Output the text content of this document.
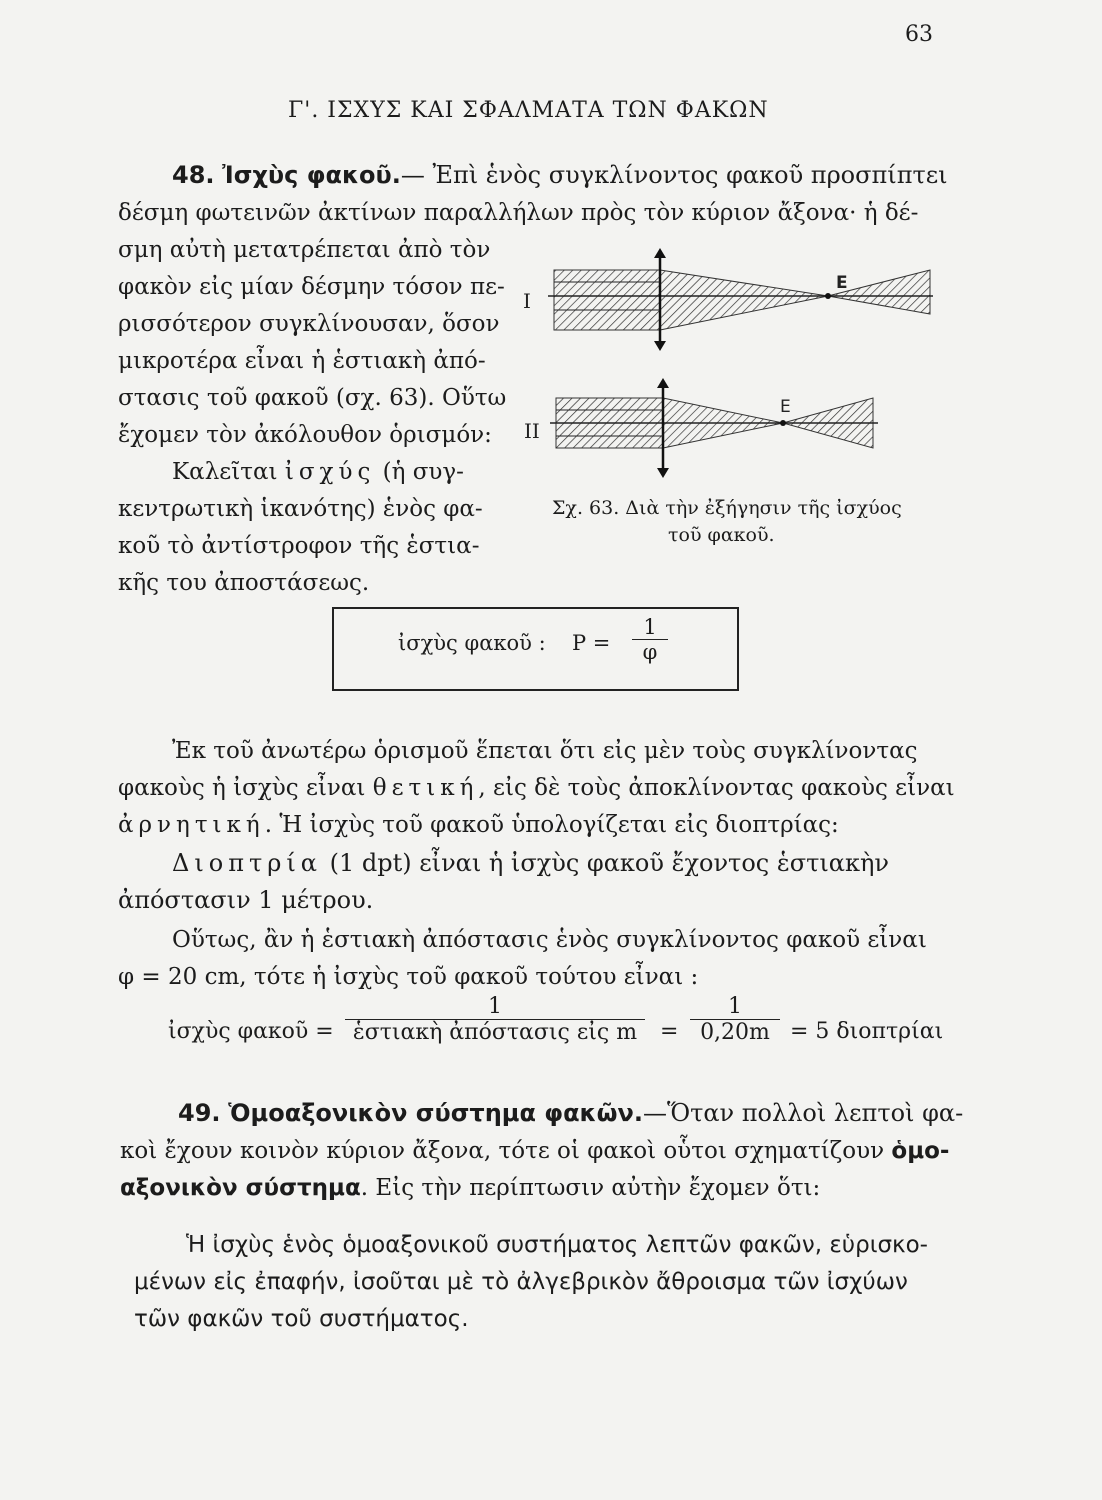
63
Γ'. ΙΣΧΥΣ ΚΑΙ ΣΦΑΛΜΑΤΑ ΤΩΝ ΦΑΚΩΝ
48. Ἰσχὺς φακοῦ.— Ἐπὶ ἑνὸς συγκλίνοντος φακοῦ προσπίπτει
δέσμη φωτεινῶν ἀκτίνων παραλλήλων πρὸς τὸν κύριον ἄξονα· ἡ δέ-
σμη αὐτὴ μετατρέπεται ἀπὸ τὸν
φακὸν εἰς μίαν δέσμην τόσον πε-
ρισσότερον συγκλίνουσαν, ὅσον
μικροτέρα εἶναι ἡ ἑστιακὴ ἀπό-
στασις τοῦ φακοῦ (σχ. 63). Οὕτω
ἔχομεν τὸν ἀκόλουθον ὁρισμόν:
Καλεῖται ἰσχύς (ἡ συγ-
κεντρωτικὴ ἱκανότης) ἑνὸς φα-
κοῦ τὸ ἀντίστροφον τῆς ἑστια-
κῆς του ἀποστάσεως.
I
E
II
E
Σχ. 63. Διὰ τὴν ἐξήγησιν τῆς ἰσχύος
τοῦ φακοῦ.
ἰσχὺς φακοῦ : P =
1
φ
Ἐκ τοῦ ἀνωτέρω ὁρισμοῦ ἕπεται ὅτι εἰς μὲν τοὺς συγκλίνοντας
φακοὺς ἡ ἰσχὺς εἶναι θετική, εἰς δὲ τοὺς ἀποκλίνοντας φακοὺς εἶναι
ἀρνητική. Ἡ ἰσχὺς τοῦ φακοῦ ὑπολογίζεται εἰς διοπτρίας:
Διοπτρία (1 dpt) εἶναι ἡ ἰσχὺς φακοῦ ἔχοντος ἑστιακὴν
ἀπόστασιν 1 μέτρου.
Οὕτως, ἂν ἡ ἑστιακὴ ἀπόστασις ἑνὸς συγκλίνοντος φακοῦ εἶναι
φ = 20 cm, τότε ἡ ἰσχὺς τοῦ φακοῦ τούτου εἶναι :
ἰσχὺς φακοῦ =
1
ἑστιακὴ ἀπόστασις εἰς m	=
1
0,20m = 5 διοπτρίαι
49. Ὁμοαξονικὸν σύστημα φακῶν.—Ὅταν πολλοὶ λεπτοὶ φα-
κοὶ ἔχουν κοινὸν κύριον ἄξονα, τότε οἱ φακοὶ οὗτοι σχηματίζουν ὁμο-
αξονικὸν σύστημα. Εἰς τὴν περίπτωσιν αὐτὴν ἔχομεν ὅτι:
Ἡ ἰσχὺς ἑνὸς ὁμοαξονικοῦ συστήματος λεπτῶν φακῶν, εὑρισκο-
μένων εἰς ἐπαφήν, ἰσοῦται μὲ τὸ ἀλγεβρικὸν ἄθροισμα τῶν ἰσχύων
τῶν φακῶν τοῦ συστήματος.
